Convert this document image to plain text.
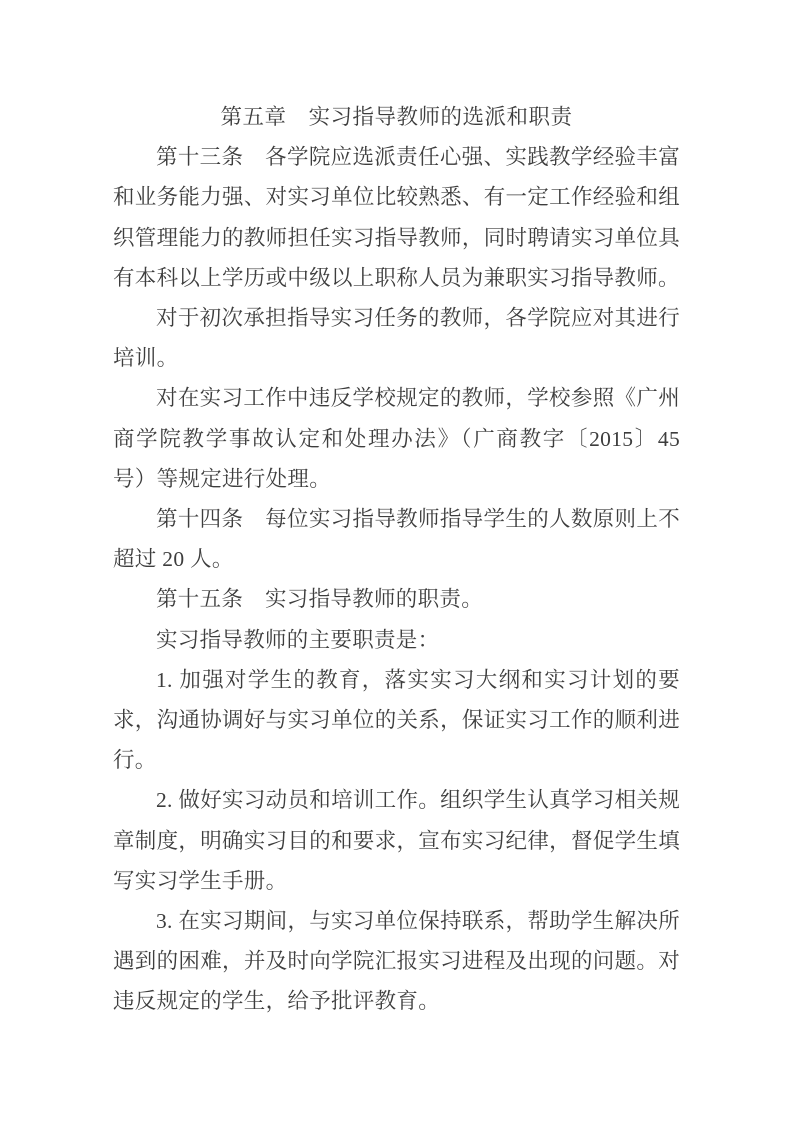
第五章　实习指导教师的选派和职责

第十三条　各学院应选派责任心强、实践教学经验丰富和业务能力强、对实习单位比较熟悉、有一定工作经验和组织管理能力的教师担任实习指导教师，同时聘请实习单位具有本科以上学历或中级以上职称人员为兼职实习指导教师。

对于初次承担指导实习任务的教师，各学院应对其进行培训。

对在实习工作中违反学校规定的教师，学校参照《广州商学院教学事故认定和处理办法》（广商教字〔2015〕45 号）等规定进行处理。

第十四条　每位实习指导教师指导学生的人数原则上不超过 20 人。

第十五条　实习指导教师的职责。

实习指导教师的主要职责是：

1. 加强对学生的教育，落实实习大纲和实习计划的要求，沟通协调好与实习单位的关系，保证实习工作的顺利进行。

2. 做好实习动员和培训工作。组织学生认真学习相关规章制度，明确实习目的和要求，宣布实习纪律，督促学生填写实习学生手册。

3. 在实习期间，与实习单位保持联系，帮助学生解决所遇到的困难，并及时向学院汇报实习进程及出现的问题。对违反规定的学生，给予批评教育。
